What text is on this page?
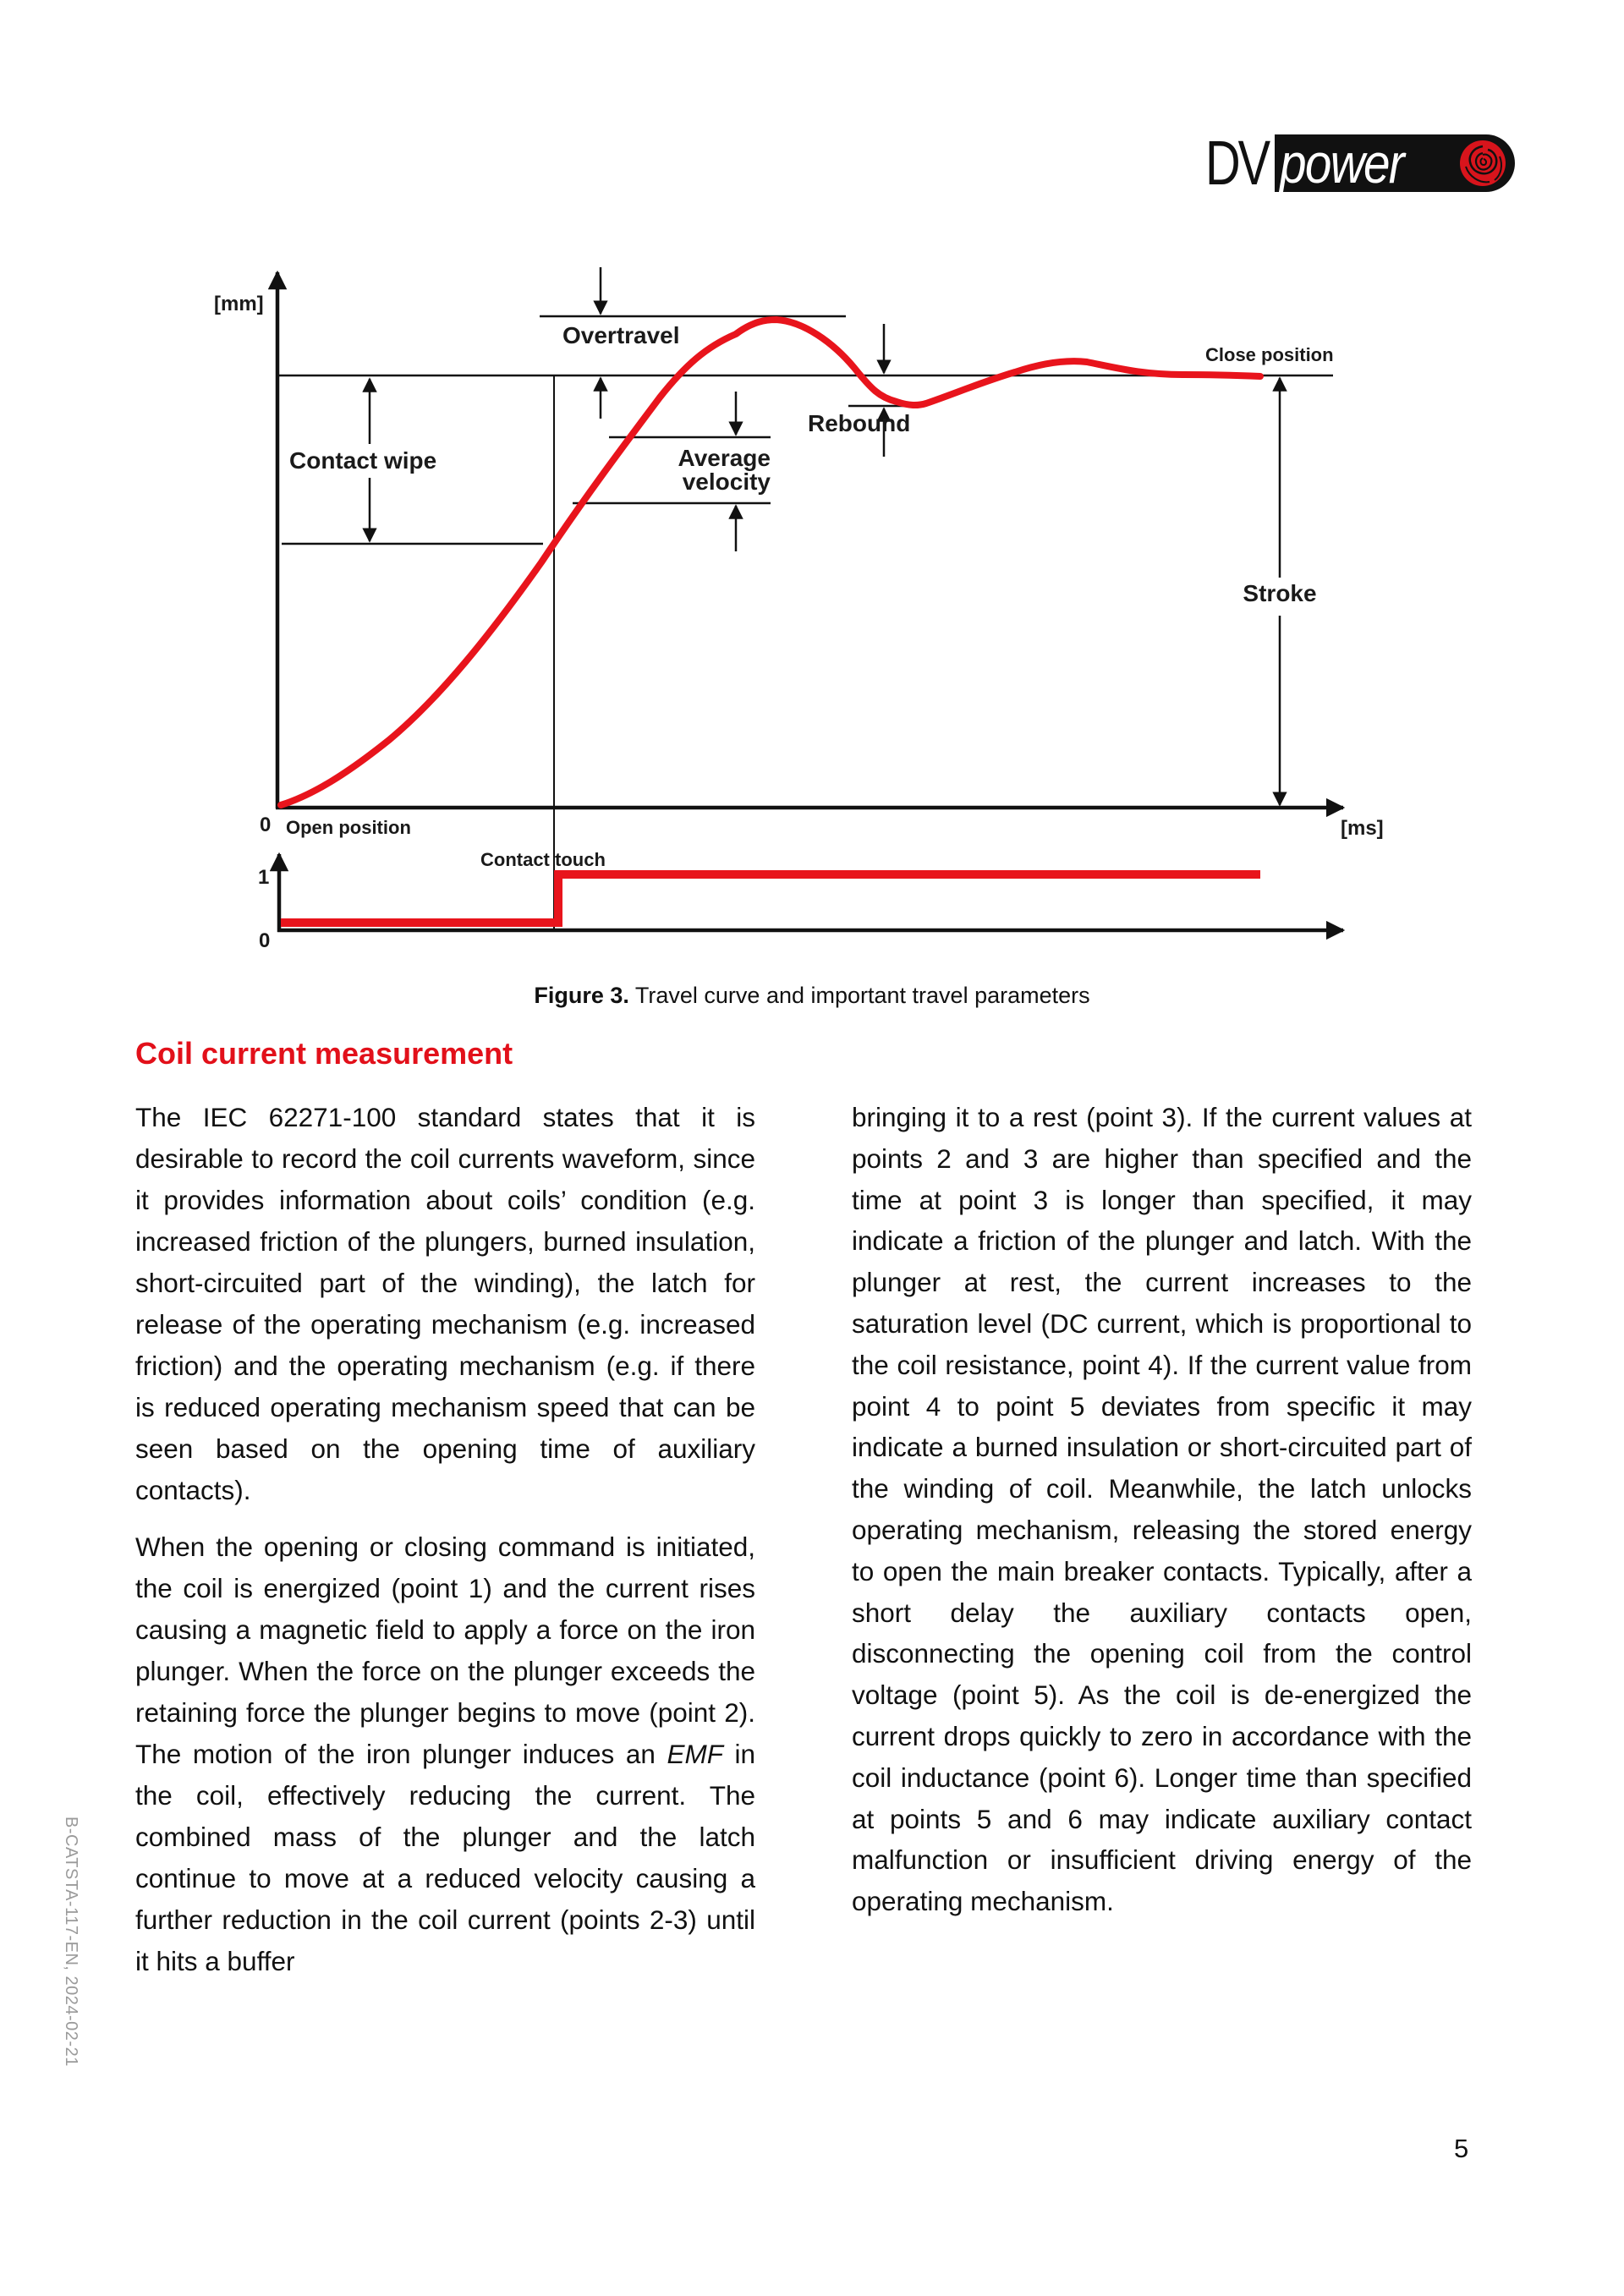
DV power
[mm]
Overtravel
Contact wipe	Average
velocity
Rebound
Close position
Stroke
[ms]
0 Open position
Contact touch
1
0
Figure 3. Travel curve and important travel parameters
Coil current measurement

The IEC 62271-100 standard states that it is desirable to record the coil currents waveform, since it provides information about coils’ condition (e.g. increased friction of the plungers, burned insulation, short-circuited part of the winding), the latch for release of the operating mechanism (e.g. increased friction) and the operating mechanism (e.g. if there is reduced operating mechanism speed that can be seen based on the opening time of auxiliary contacts).

When the opening or closing command is initiated, the coil is energized (point 1) and the current rises causing a magnetic field to apply a force on the iron plunger. When the force on the plunger exceeds the retaining force the plunger begins to move (point 2). The motion of the iron plunger induces an EMF in the coil, effectively reducing the current. The combined mass of the plunger and the latch continue to move at a reduced velocity causing a further reduction in the coil current (points 2-3) until it hits a buffer

bringing it to a rest (point 3). If the current values at points 2 and 3 are higher than specified and the time at point 3 is longer than specified, it may indicate a friction of the plunger and latch. With the plunger at rest, the current increases to the saturation level (DC current, which is proportional to the coil resistance, point 4). If the current value from point 4 to point 5 deviates from specific it may indicate a burned insulation or short-circuited part of the winding of coil. Meanwhile, the latch unlocks operating mechanism, releasing the stored energy to open the main breaker contacts. Typically, after a short delay the auxiliary contacts open, disconnecting the opening coil from the control voltage (point 5). As the coil is de-energized the current drops quickly to zero in accordance with the coil inductance (point 6). Longer time than specified at points 5 and 6 may indicate auxiliary contact malfunction or insufficient driving energy of the operating mechanism.

B-CATSTA-117-EN, 2024-02-21
5
